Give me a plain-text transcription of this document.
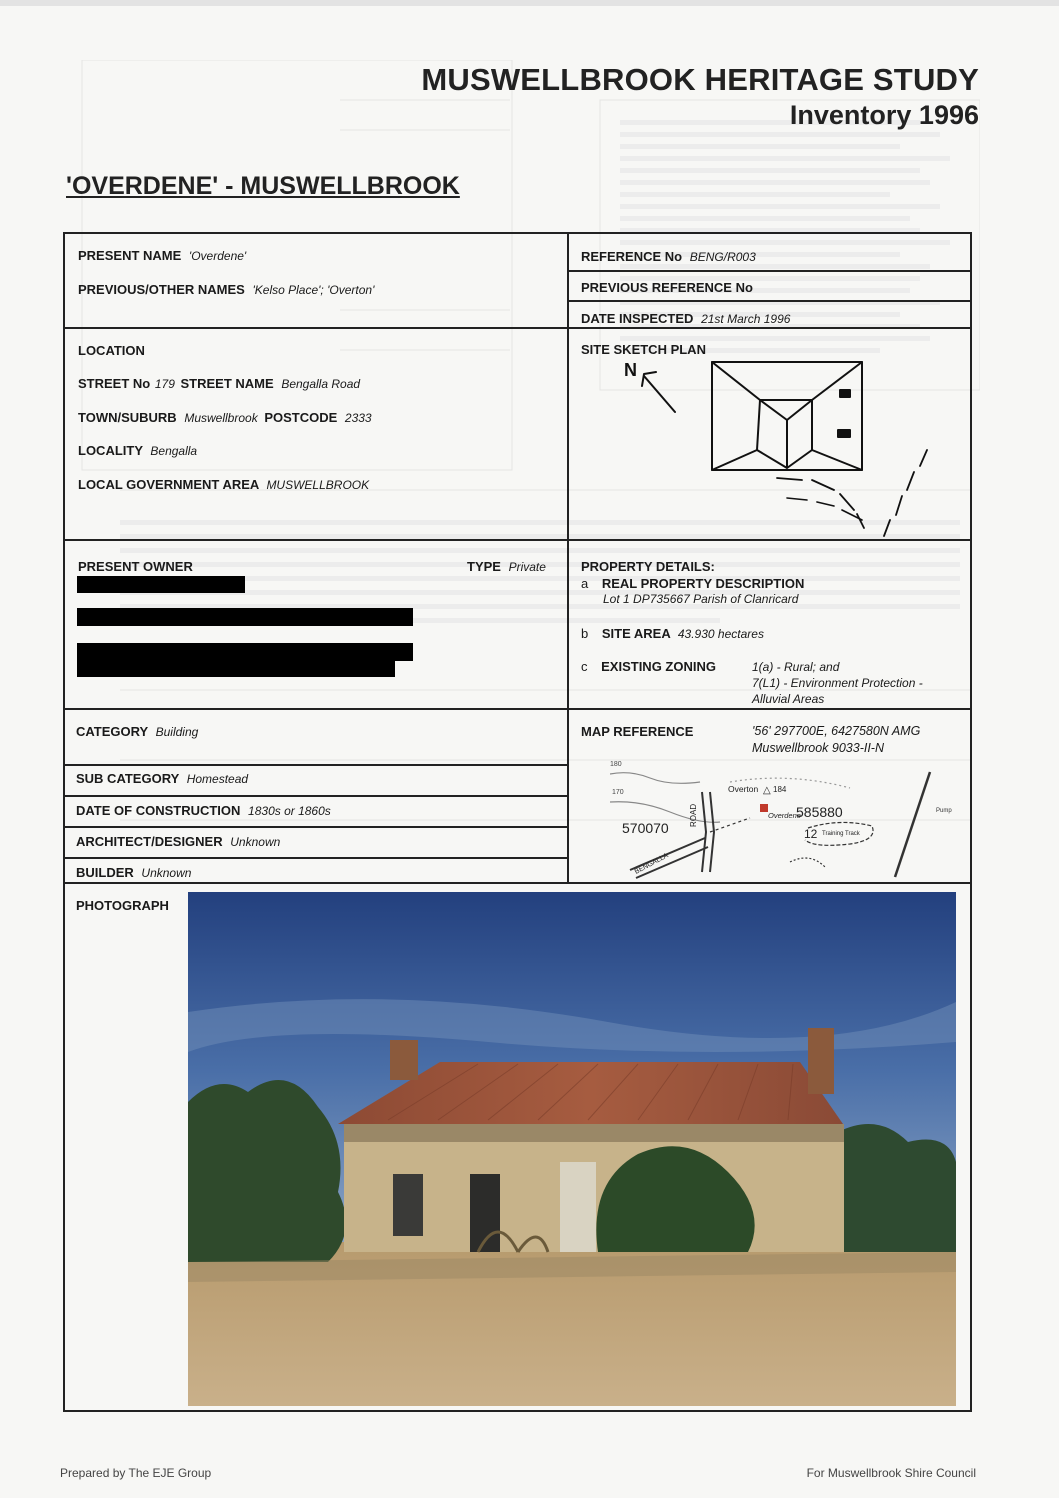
MUSWELLBROOK HERITAGE STUDY
Inventory 1996
'OVERDENE' - MUSWELLBROOK
PRESENT NAME 'Overdene'
PREVIOUS/OTHER NAMES 'Kelso Place'; 'Overton'
REFERENCE No BENG/R003
PREVIOUS REFERENCE No
DATE INSPECTED 21st March 1996
LOCATION
STREET No 179 STREET NAME Bengalla Road
TOWN/SUBURB Muswellbrook POSTCODE 2333
LOCALITY Bengalla
LOCAL GOVERNMENT AREA MUSWELLBROOK
SITE SKETCH PLAN
N
PRESENT OWNER	TYPE Private	PROPERTY DETAILS:
a REAL PROPERTY DESCRIPTION
Lot 1 DP735667 Parish of Clanricard
b SITE AREA 43.930 hectares
c EXISTING ZONING	1(a) - Rural; and
7(L1) - Environment Protection -
Alluvial Areas
CATEGORY Building
SUB CATEGORY Homestead
DATE OF CONSTRUCTION 1830s or 1860s
ARCHITECT/DESIGNER Unknown
BUILDER Unknown
MAP REFERENCE	'56' 297700E, 6427580N AMG
Muswellbrook 9033-II-N
180
170	Overton △ 184
Overdene
585880
570070	12 Training Track
ROAD
BENGALLA
Pump
PHOTOGRAPH
Prepared by The EJE Group	For Muswellbrook Shire Council
